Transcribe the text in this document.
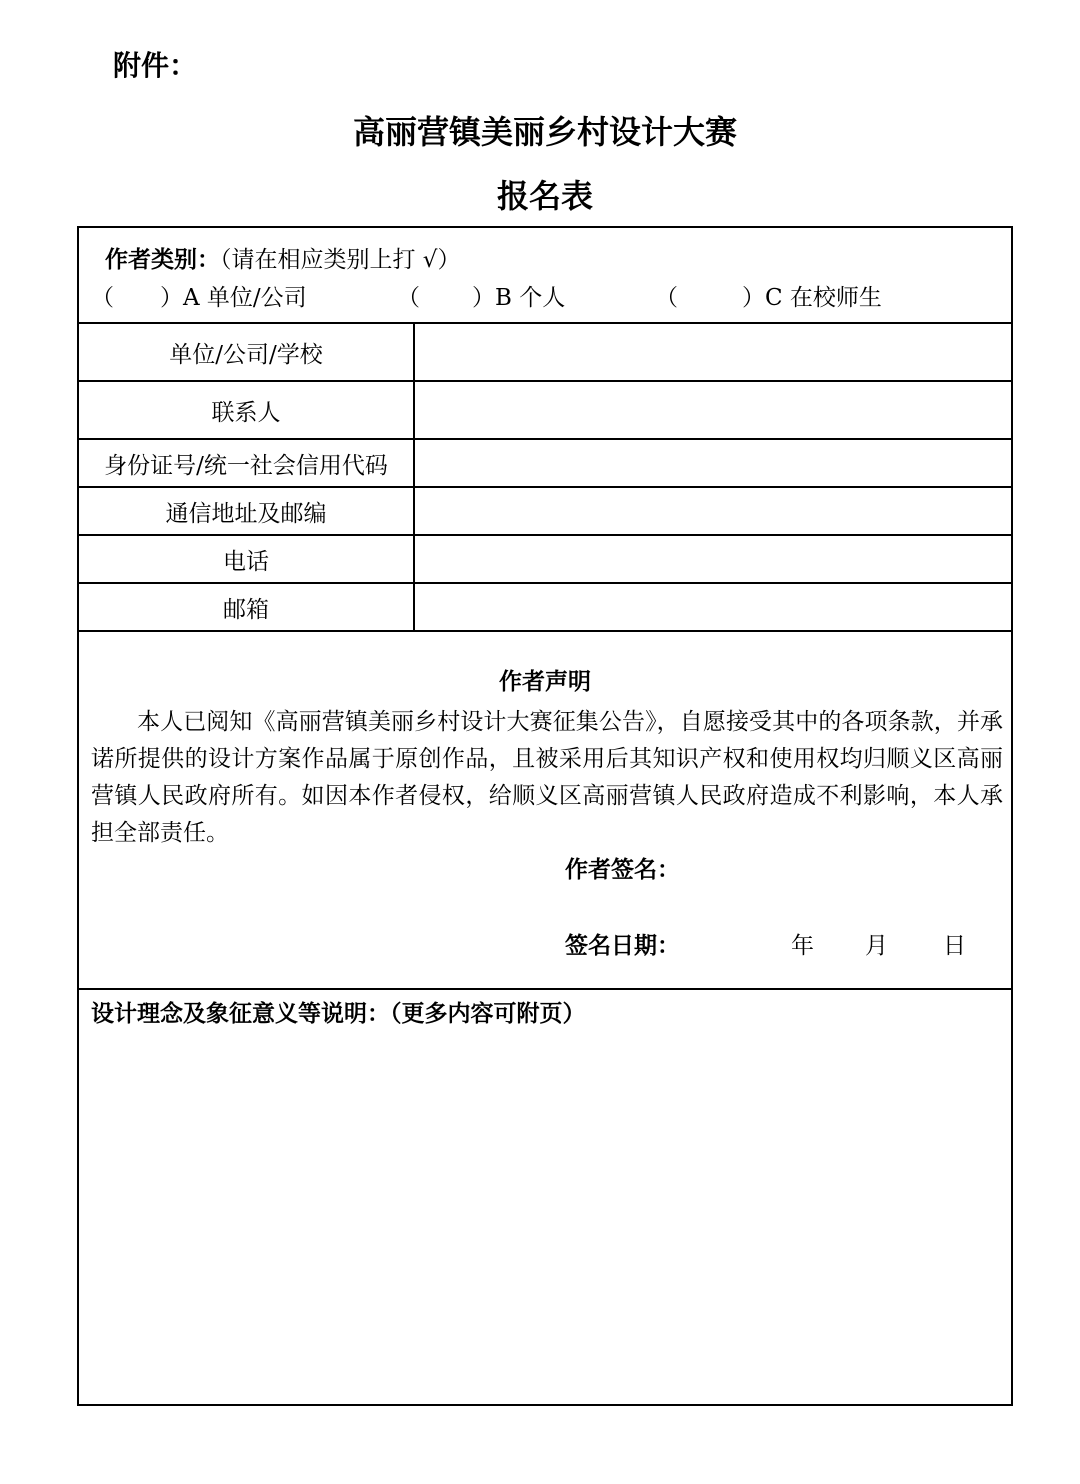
附件：
高丽营镇美丽乡村设计大赛
报名表
作者类别：（请在相应类别上打 √）
（ ）A 单位/公司	（ ）B 个人	（	）C 在校师生
单位/公司/学校
联系人
身份证号/统一社会信用代码
通信地址及邮编
电话
邮箱
作者声明
本人已阅知《高丽营镇美丽乡村设计大赛征集公告》，自愿接受其中的各项条款，并承诺所提供的设计方案作品属于原创作品，且被采用后其知识产权和使用权均归顺义区高丽营镇人民政府所有。如因本作者侵权，给顺义区高丽营镇人民政府造成不利影响，本人承担全部责任。
作者签名：
签名日期：	年 月 日
设计理念及象征意义等说明：（更多内容可附页）
